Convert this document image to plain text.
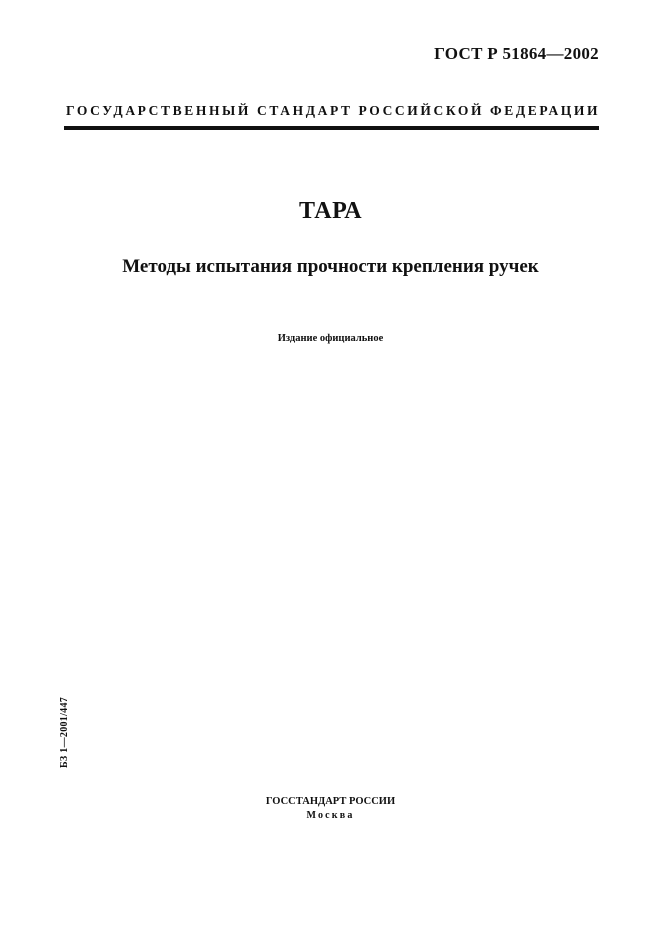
ГОСТ Р 51864—2002
ГОСУДАРСТВЕННЫЙ СТАНДАРТ РОССИЙСКОЙ ФЕДЕРАЦИИ
ТАРА
Методы испытания прочности крепления ручек
Издание официальное
БЗ 1—2001/447
ГОССТАНДАРТ РОССИИ
Москва
